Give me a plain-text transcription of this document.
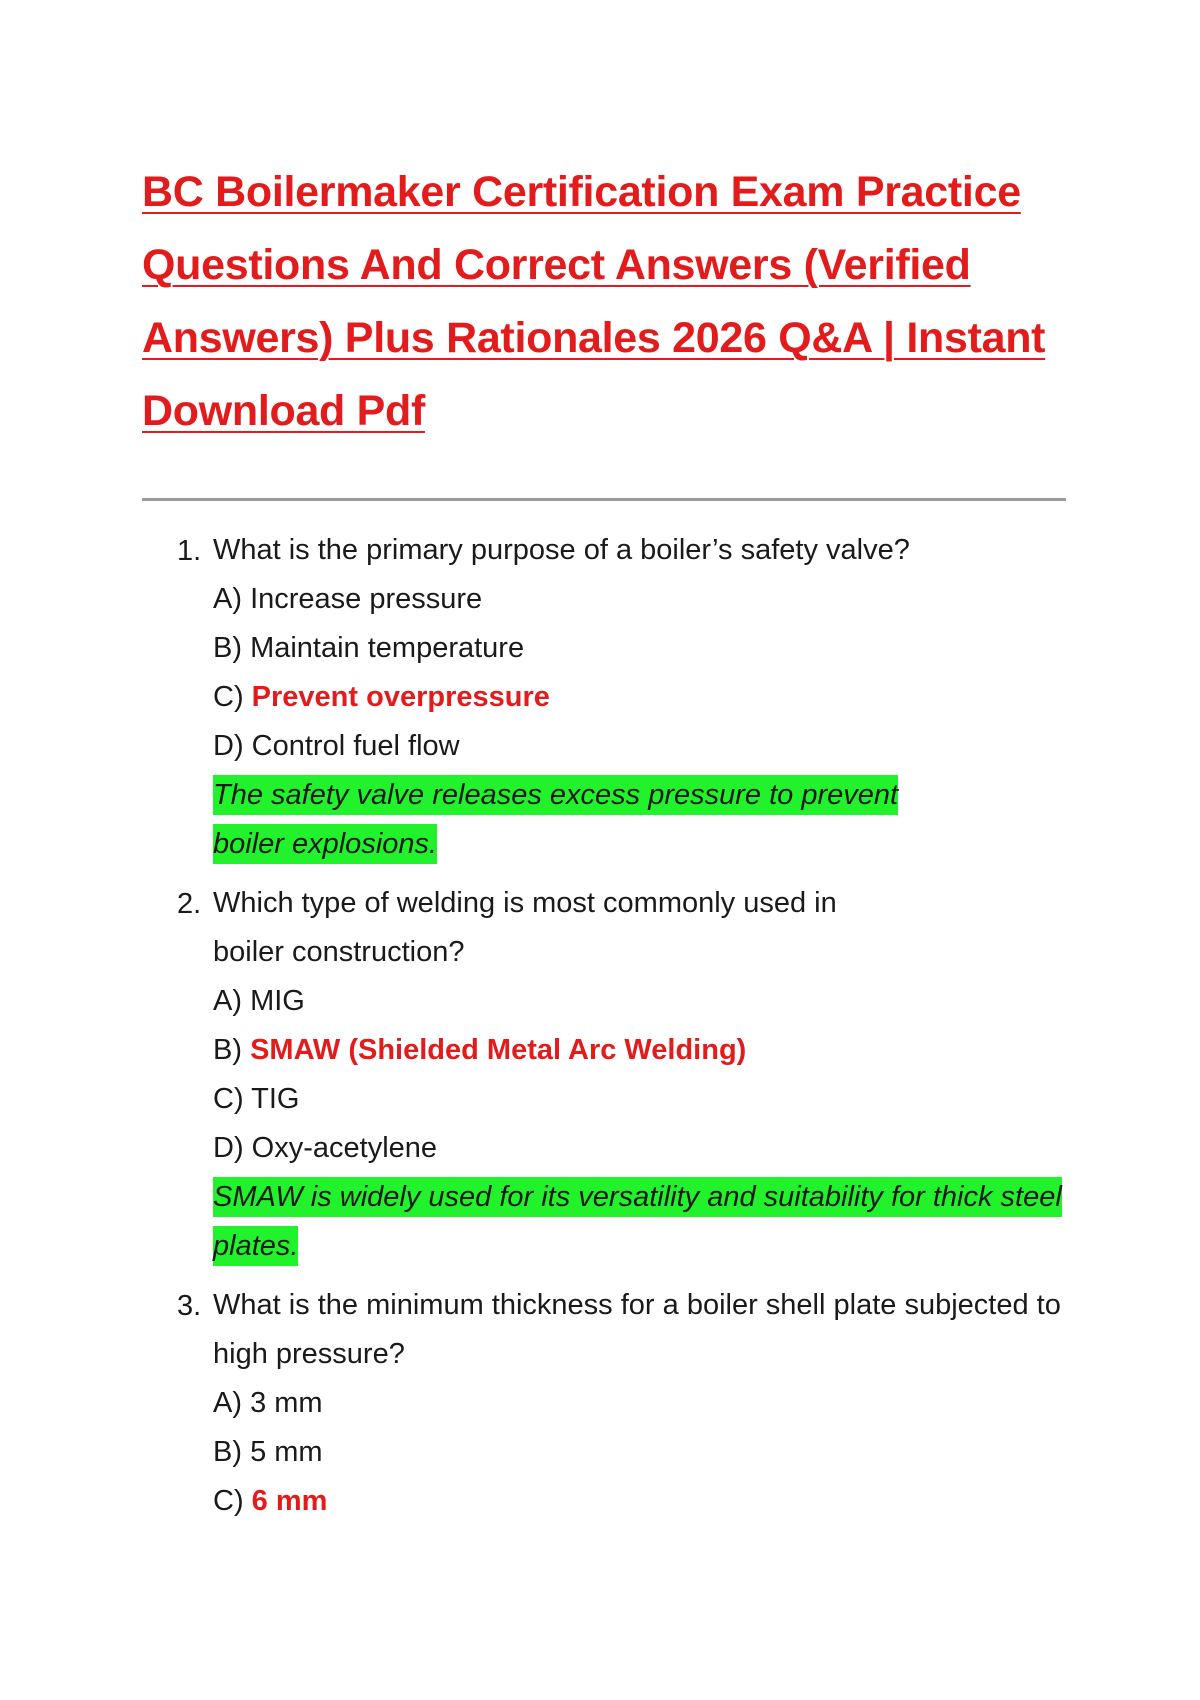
BC Boilermaker Certification Exam Practice Questions And Correct Answers (Verified Answers) Plus Rationales 2026 Q&A | Instant Download Pdf
1. What is the primary purpose of a boiler’s safety valve?
A) Increase pressure
B) Maintain temperature
C) Prevent overpressure
D) Control fuel flow
The safety valve releases excess pressure to prevent boiler explosions.
2. Which type of welding is most commonly used in boiler construction?
A) MIG
B) SMAW (Shielded Metal Arc Welding)
C) TIG
D) Oxy-acetylene
SMAW is widely used for its versatility and suitability for thick steel plates.
3. What is the minimum thickness for a boiler shell plate subjected to high pressure?
A) 3 mm
B) 5 mm
C) 6 mm
